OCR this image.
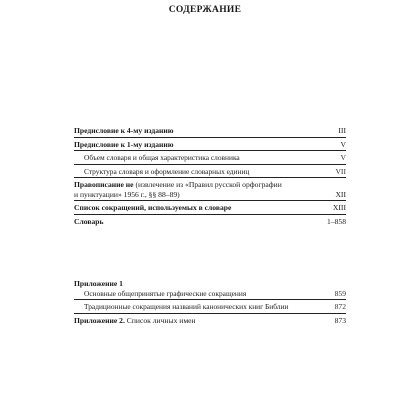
СОДЕРЖАНИЕ
Предисловие к 4-му изданию	III
Предисловие к 1-му изданию	V
Объем словаря и общая характеристика словника	V
Структура словаря и оформление словарных единиц	VII
Правописание не (извлечение из «Правил русской орфографии
и пунктуации» 1956 г., §§ 88–89)	XII
Список сокращений, используемых в словаре	XIII
Словарь	1–858
Приложение 1
Основные общепринятые графические сокращения	859
Традиционные сокращения названий канонических книг Библии	872
Приложение 2. Список личных имен	873
